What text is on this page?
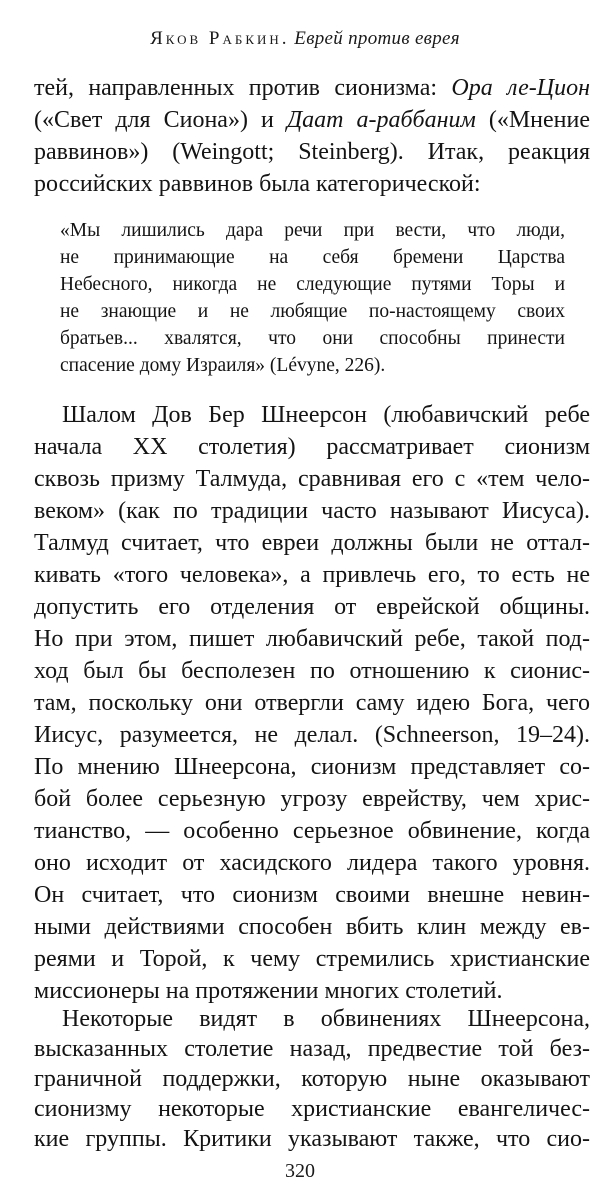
Яков Рабкин. Еврей против еврея
тей, направленных против сионизма: Ора ле-Цион
(«Свет для Сиона») и Даат а-раббаним («Мнение
раввинов») (Weingott; Steinberg). Итак, реакция
российских раввинов была категорической:
«Мы лишились дара речи при вести, что люди,
не принимающие на себя бремени Царства
Небесного, никогда не следующие путями Торы и
не знающие и не любящие по-настоящему своих
братьев... хвалятся, что они способны принести
спасение дому Израиля» (Lévyne, 226).
Шалом Дов Бер Шнеерсон (любавичский ребе
начала XX столетия) рассматривает сионизм
сквозь призму Талмуда, сравнивая его с «тем чело-
веком» (как по традиции часто называют Иисуса).
Талмуд считает, что евреи должны были не оттал-
кивать «того человека», а привлечь его, то есть не
допустить его отделения от еврейской общины.
Но при этом, пишет любавичский ребе, такой под-
ход был бы бесполезен по отношению к сионис-
там, поскольку они отвергли саму идею Бога, чего
Иисус, разумеется, не делал. (Schneerson, 19–24).
По мнению Шнеерсона, сионизм представляет со-
бой более серьезную угрозу еврейству, чем хрис-
тианство, — особенно серьезное обвинение, когда
оно исходит от хасидского лидера такого уровня.
Он считает, что сионизм своими внешне невин-
ными действиями способен вбить клин между ев-
реями и Торой, к чему стремились христианские
миссионеры на протяжении многих столетий.
Некоторые видят в обвинениях Шнеерсона,
высказанных столетие назад, предвестие той без-
граничной поддержки, которую ныне оказывают
сионизму некоторые христианские евангеличес-
кие группы. Критики указывают также, что сио-
320
